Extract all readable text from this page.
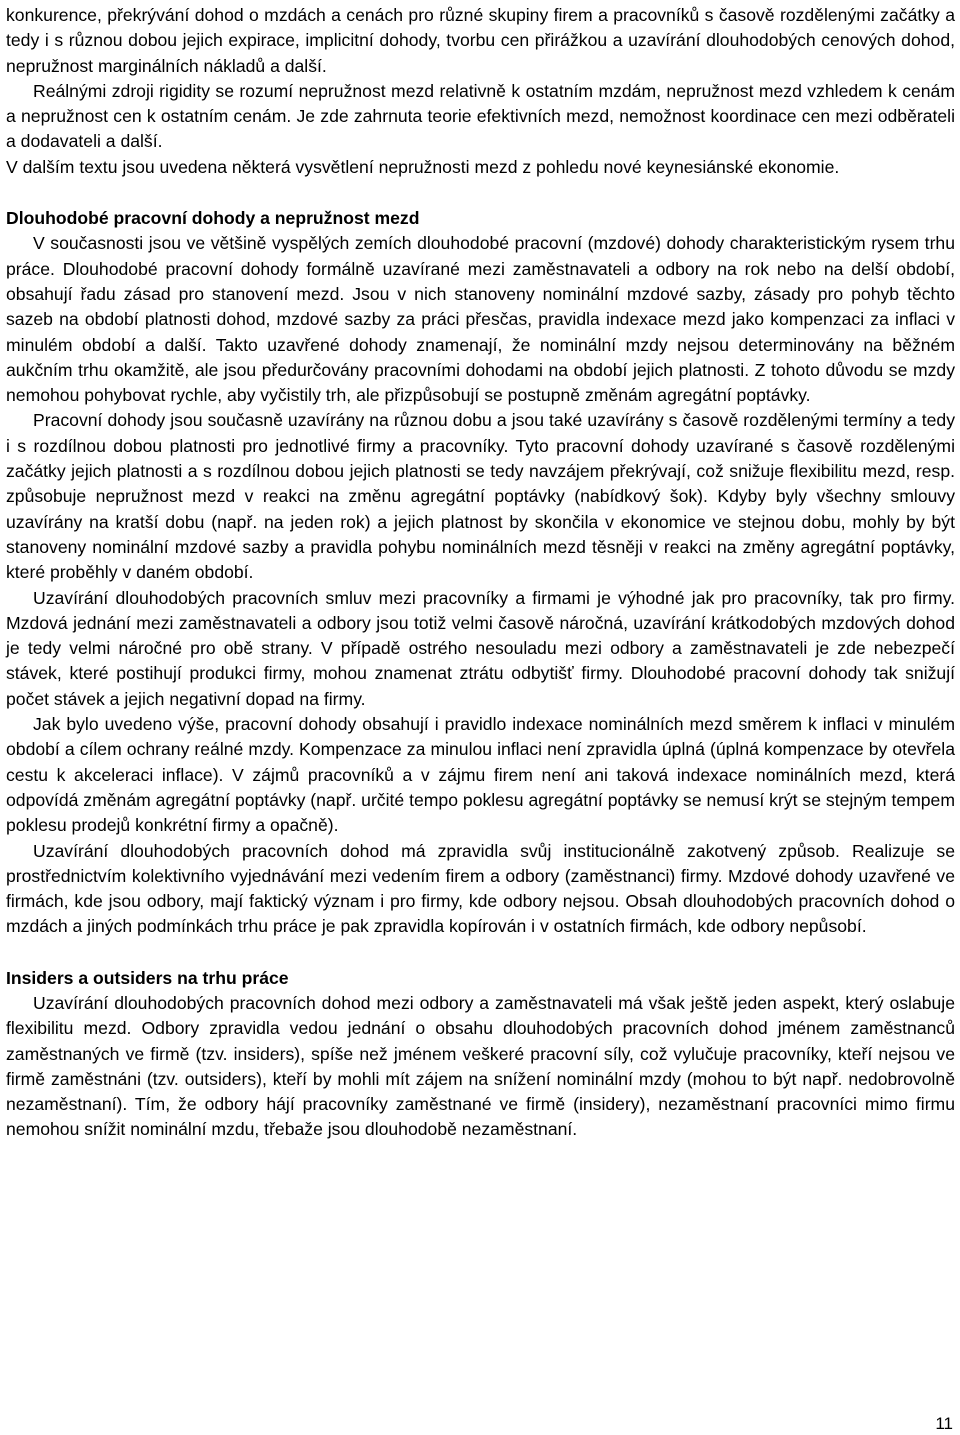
konkurence, překrývání dohod o mzdách a cenách pro různé skupiny firem a pracovníků s časově rozdělenými začátky a tedy i s různou dobou jejich expirace, implicitní dohody, tvorbu cen přirážkou a uzavírání dlouhodobých cenových dohod, nepružnost marginálních nákladů a další.

Reálnými zdroji rigidity se rozumí nepružnost mezd relativně k ostatním mzdám, nepružnost mezd vzhledem k cenám a nepružnost cen k ostatním cenám. Je zde zahrnuta teorie efektivních mezd, nemožnost koordinace cen mezi odběrateli a dodavateli a další.

V dalším textu jsou uvedena některá vysvětlení nepružnosti mezd z pohledu nové keynesiánské ekonomie.

Dlouhodobé pracovní dohody a nepružnost mezd

V současnosti jsou ve většině vyspělých zemích dlouhodobé pracovní (mzdové) dohody charakteristickým rysem trhu práce. Dlouhodobé pracovní dohody formálně uzavírané mezi zaměstnavateli a odbory na rok nebo na delší období, obsahují řadu zásad pro stanovení mezd. Jsou v nich stanoveny nominální mzdové sazby, zásady pro pohyb těchto sazeb na období platnosti dohod, mzdové sazby za práci přesčas, pravidla indexace mezd jako kompenzaci za inflaci v minulém období a další. Takto uzavřené dohody znamenají, že nominální mzdy nejsou determinovány na běžném aukčním trhu okamžitě, ale jsou předurčovány pracovními dohodami na období jejich platnosti. Z tohoto důvodu se mzdy nemohou pohybovat rychle, aby vyčistily trh, ale přizpůsobují se postupně změnám agregátní poptávky.

Pracovní dohody jsou současně uzavírány na různou dobu a jsou také uzavírány s časově rozdělenými termíny a tedy i s rozdílnou dobou platnosti pro jednotlivé firmy a pracovníky. Tyto pracovní dohody uzavírané s časově rozdělenými začátky jejich platnosti a s rozdílnou dobou jejich platnosti se tedy navzájem překrývají, což snižuje flexibilitu mezd, resp. způsobuje nepružnost mezd v reakci na změnu agregátní poptávky (nabídkový šok). Kdyby byly všechny smlouvy uzavírány na kratší dobu (např. na jeden rok) a jejich platnost by skončila v ekonomice ve stejnou dobu, mohly by být stanoveny nominální mzdové sazby a pravidla pohybu nominálních mezd těsněji v reakci na změny agregátní poptávky, které proběhly v daném období.

Uzavírání dlouhodobých pracovních smluv mezi pracovníky a firmami je výhodné jak pro pracovníky, tak pro firmy. Mzdová jednání mezi zaměstnavateli a odbory jsou totiž velmi časově náročná, uzavírání krátkodobých mzdových dohod je tedy velmi náročné pro obě strany. V případě ostrého nesouladu mezi odbory a zaměstnavateli je zde nebezpečí stávek, které postihují produkci firmy, mohou znamenat ztrátu odbytišť firmy. Dlouhodobé pracovní dohody tak snižují počet stávek a jejich negativní dopad na firmy.

Jak bylo uvedeno výše, pracovní dohody obsahují i pravidlo indexace nominálních mezd směrem k inflaci v minulém období a cílem ochrany reálné mzdy. Kompenzace za minulou inflaci není zpravidla úplná (úplná kompenzace by otevřela cestu k akceleraci inflace). V zájmů pracovníků a v zájmu firem není ani taková indexace nominálních mezd, která odpovídá změnám agregátní poptávky (např. určité tempo poklesu agregátní poptávky se nemusí krýt se stejným tempem poklesu prodejů konkrétní firmy a opačně).

Uzavírání dlouhodobých pracovních dohod má zpravidla svůj institucionálně zakotvený způsob. Realizuje se prostřednictvím kolektivního vyjednávání mezi vedením firem a odbory (zaměstnanci) firmy. Mzdové dohody uzavřené ve firmách, kde jsou odbory, mají faktický význam i pro firmy, kde odbory nejsou. Obsah dlouhodobých pracovních dohod o mzdách a jiných podmínkách trhu práce je pak zpravidla kopírován i v ostatních firmách, kde odbory nepůsobí.

Insiders a outsiders na trhu práce

Uzavírání dlouhodobých pracovních dohod mezi odbory a zaměstnavateli má však ještě jeden aspekt, který oslabuje flexibilitu mezd. Odbory zpravidla vedou jednání o obsahu dlouhodobých pracovních dohod jménem zaměstnanců zaměstnaných ve firmě (tzv. insiders), spíše než jménem veškeré pracovní síly, což vylučuje pracovníky, kteří nejsou ve firmě zaměstnáni (tzv. outsiders), kteří by mohli mít zájem na snížení nominální mzdy (mohou to být např. nedobrovolně nezaměstnaní). Tím, že odbory hájí pracovníky zaměstnané ve firmě (insidery), nezaměstnaní pracovníci mimo firmu nemohou snížit nominální mzdu, třebaže jsou dlouhodobě nezaměstnaní.

11
